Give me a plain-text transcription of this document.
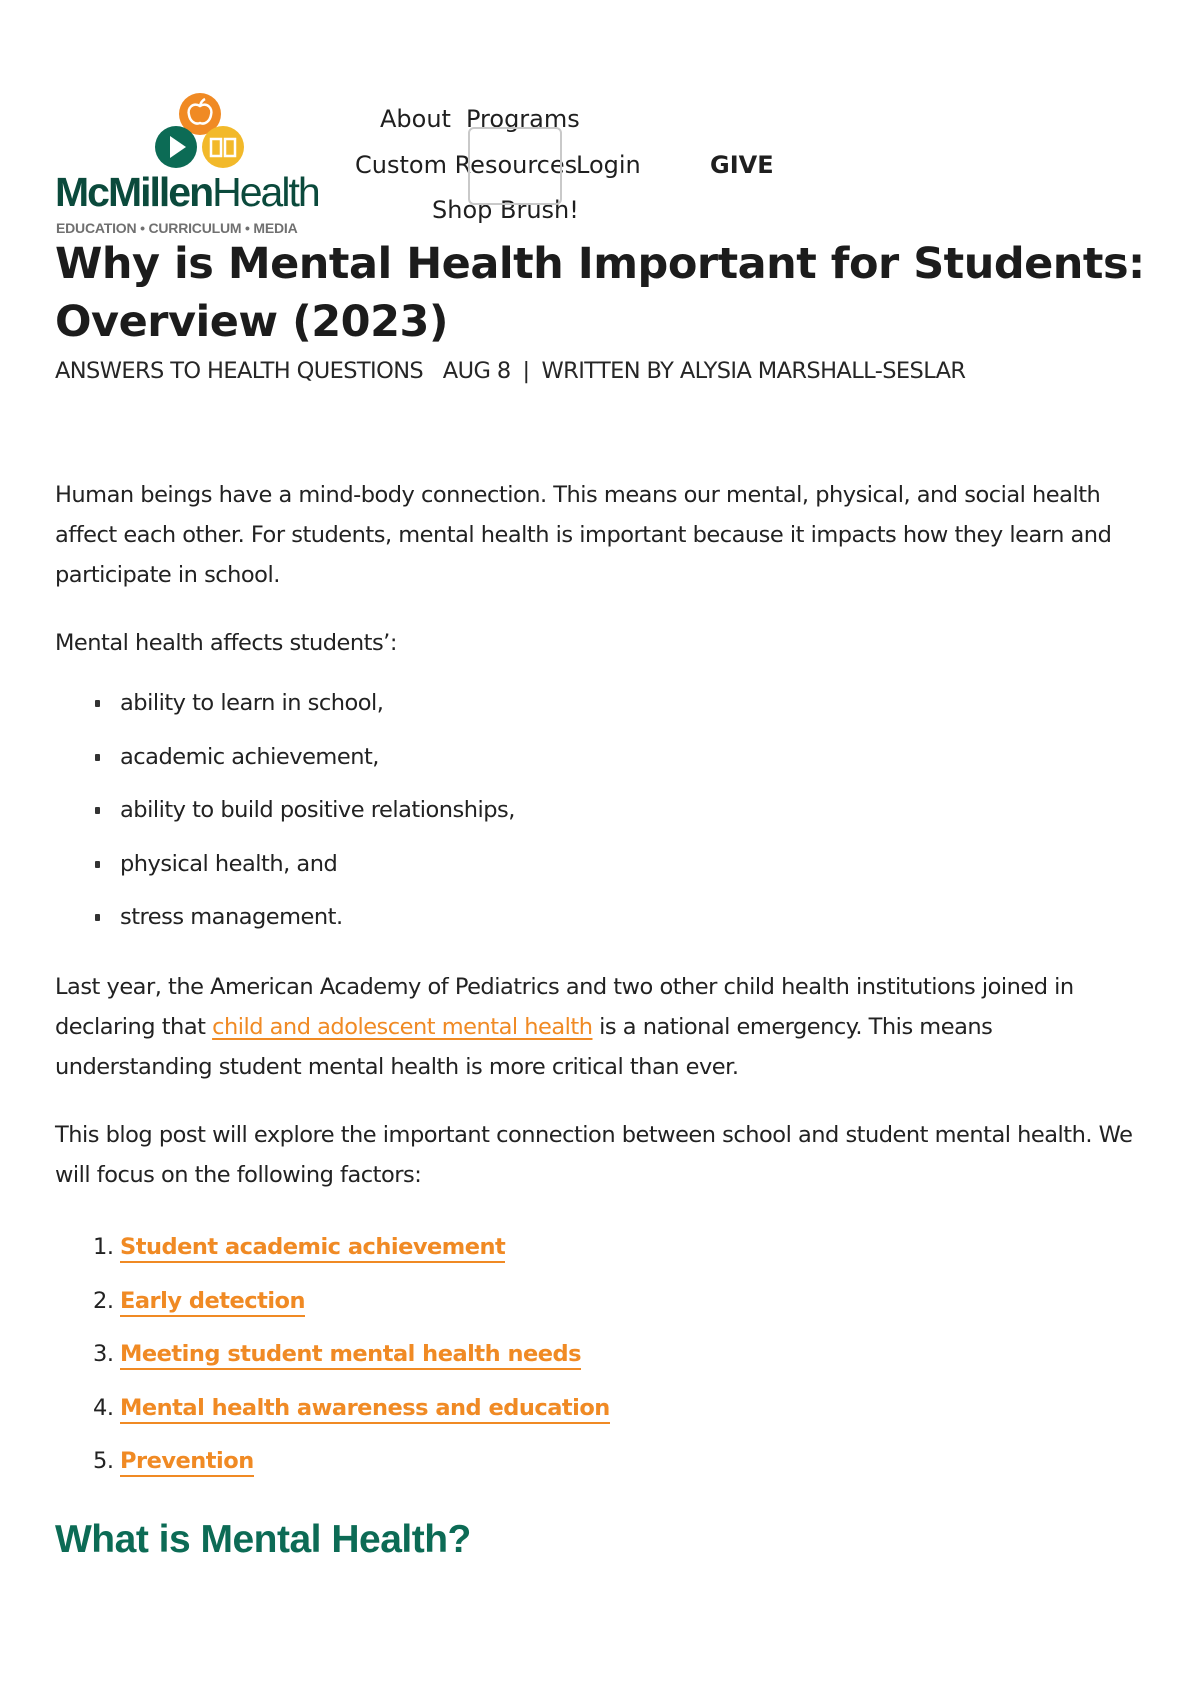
McMillenHealth
EDUCATION • CURRICULUM • MEDIA
About Programs
Custom Resources
Login	GIVE
Shop Brush!
Why is Mental Health Important for Students: Overview (2023)
ANSWERS TO HEALTH QUESTIONS AUG 8 | WRITTEN BY ALYSIA MARSHALL-SESLAR

Human beings have a mind-body connection. This means our mental, physical, and social health affect each other. For students, mental health is important because it impacts how they learn and participate in school.

Mental health affects students’:

ability to learn in school,
academic achievement,
ability to build positive relationships,
physical health, and
stress management.

Last year, the American Academy of Pediatrics and two other child health institutions joined in declaring that child and adolescent mental health is a national emergency. This means understanding student mental health is more critical than ever.

This blog post will explore the important connection between school and student mental health. We will focus on the following factors:

1. Student academic achievement
2. Early detection
3. Meeting student mental health needs
4. Mental health awareness and education
5. Prevention
What is Mental Health?
